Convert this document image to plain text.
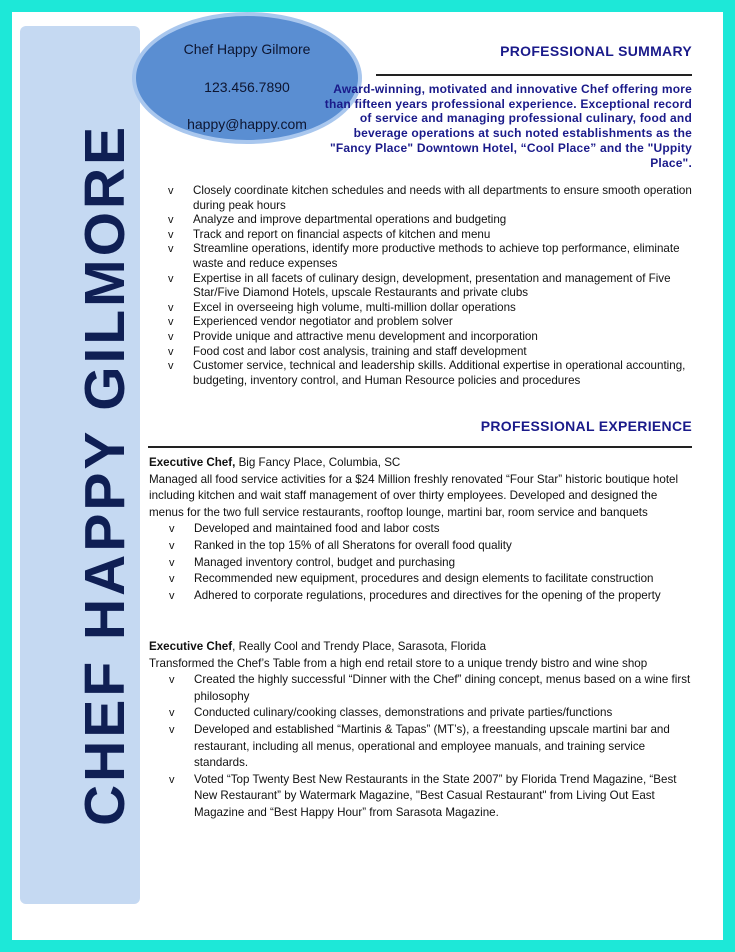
CHEF HAPPY GILMORE
Chef Happy Gilmore
123.456.7890
happy@happy.com
PROFESSIONAL SUMMARY
Award-winning, motivated and innovative Chef offering more than fifteen years professional experience. Exceptional record of service and managing professional culinary, food and beverage operations at such noted establishments as the "Fancy Place" Downtown Hotel, “Cool Place” and the "Uppity Place".
v Closely coordinate kitchen schedules and needs with all departments to ensure smooth operation during peak hours
v Analyze and improve departmental operations and budgeting
v Track and report on financial aspects of kitchen and menu
v Streamline operations, identify more productive methods to achieve top performance, eliminate waste and reduce expenses
v Expertise in all facets of culinary design, development, presentation and management of Five Star/Five Diamond Hotels, upscale Restaurants and private clubs
v Excel in overseeing high volume, multi-million dollar operations
v Experienced vendor negotiator and problem solver
v Provide unique and attractive menu development and incorporation
v Food cost and labor cost analysis, training and staff development
v Customer service, technical and leadership skills. Additional expertise in operational accounting, budgeting, inventory control, and Human Resource policies and procedures
PROFESSIONAL EXPERIENCE
Executive Chef, Big Fancy Place, Columbia, SC
Managed all food service activities for a $24 Million freshly renovated “Four Star” historic boutique hotel including kitchen and wait staff management of over thirty employees. Developed and designed the menus for the two full service restaurants, rooftop lounge, martini bar, room service and banquets
v Developed and maintained food and labor costs
v Ranked in the top 15% of all Sheratons for overall food quality
v Managed inventory control, budget and purchasing
v Recommended new equipment, procedures and design elements to facilitate construction
v Adhered to corporate regulations, procedures and directives for the opening of the property
Executive Chef, Really Cool and Trendy Place, Sarasota, Florida
Transformed the Chef’s Table from a high end retail store to a unique trendy bistro and wine shop
v Created the highly successful “Dinner with the Chef” dining concept, menus based on a wine first philosophy
v Conducted culinary/cooking classes, demonstrations and private parties/functions
v Developed and established “Martinis & Tapas” (MT’s), a freestanding upscale martini bar and restaurant, including all menus, operational and employee manuals, and training service standards.
v Voted “Top Twenty Best New Restaurants in the State 2007” by Florida Trend Magazine, “Best New Restaurant” by Watermark Magazine, "Best Casual Restaurant" from Living Out East Magazine and “Best Happy Hour” from Sarasota Magazine.
